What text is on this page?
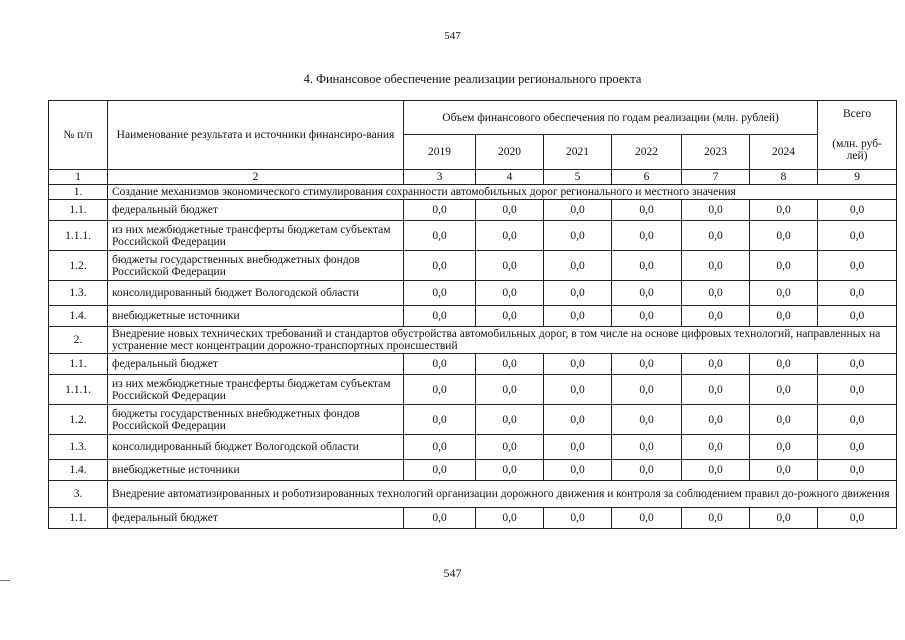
547
4. Финансовое обеспечение реализации регионального проекта
№ п/п	Наименование результата и источники финансиро-вания	Объем финансового обеспечения по годам реализации (млн. рублей)						Всего
(млн. руб-лей)

		2019	2020	2021	2022	2023	2024	
1	2	3	4	5	6	7	8	9
1.	Создание механизмов экономического стимулирования сохранности автомобильных дорог регионального и местного значения							
1.1.	федеральный бюджет	0,0	0,0	0,0	0,0	0,0	0,0	0,0
1.1.1.	из них межбюджетные трансферты бюджетам субъектам Российской Федерации	0,0	0,0	0,0	0,0	0,0	0,0	0,0
1.2.	бюджеты государственных внебюджетных фондов Российской Федерации	0,0	0,0	0,0	0,0	0,0	0,0	0,0
1.3.	консолидированный бюджет Вологодской области	0,0	0,0	0,0	0,0	0,0	0,0	0,0
1.4.	внебюджетные источники	0,0	0,0	0,0	0,0	0,0	0,0	0,0
2.	Внедрение новых технических требований и стандартов обустройства автомобильных дорог, в том числе на основе цифровых технологий, направленных на устранение мест концентрации дорожно-транспортных происшествий							
1.1.	федеральный бюджет	0,0	0,0	0,0	0,0	0,0	0,0	0,0
1.1.1.	из них межбюджетные трансферты бюджетам субъектам Российской Федерации	0,0	0,0	0,0	0,0	0,0	0,0	0,0
1.2.	бюджеты государственных внебюджетных фондов Российской Федерации	0,0	0,0	0,0	0,0	0,0	0,0	0,0
1.3.	консолидированный бюджет Вологодской области	0,0	0,0	0,0	0,0	0,0	0,0	0,0
1.4.	внебюджетные источники	0,0	0,0	0,0	0,0	0,0	0,0	0,0
3.	Внедрение автоматизированных и роботизированных технологий организации дорожного движения и контроля за соблюдением правил до-рожного движения							
1.1.	федеральный бюджет	0,0	0,0	0,0	0,0	0,0	0,0	0,0
547
